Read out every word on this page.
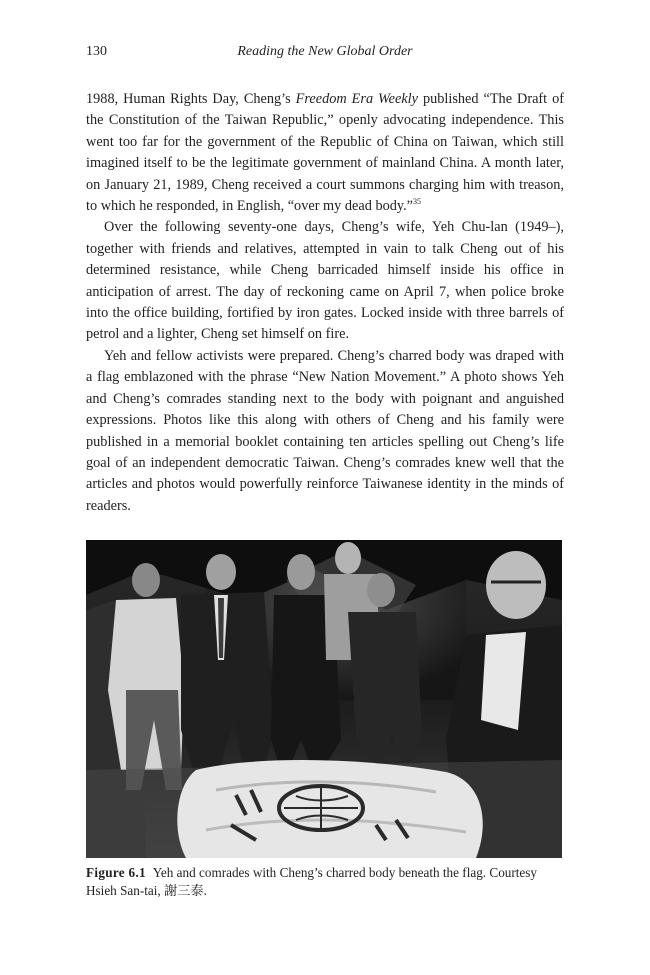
130	Reading the New Global Order

1988, Human Rights Day, Cheng’s Freedom Era Weekly published “The Draft of the Constitution of the Taiwan Republic,” openly advocating independence. This went too far for the government of the Republic of China on Taiwan, which still imagined itself to be the legitimate government of mainland China. A month later, on January 21, 1989, Cheng received a court summons charging him with treason, to which he responded, in English, “over my dead body.”$^{35}$

Over the following seventy-one days, Cheng’s wife, Yeh Chu-lan (1949–), together with friends and relatives, attempted in vain to talk Cheng out of his determined resistance, while Cheng barricaded himself inside his office in anticipation of arrest. The day of reckoning came on April 7, when police broke into the office building, fortified by iron gates. Locked inside with three barrels of petrol and a lighter, Cheng set himself on fire.

Yeh and fellow activists were prepared. Cheng’s charred body was draped with a flag emblazoned with the phrase “New Nation Movement.” A photo shows Yeh and Cheng’s comrades standing next to the body with poignant and anguished expressions. Photos like this along with others of Cheng and his family were published in a memorial booklet containing ten articles spelling out Cheng’s life goal of an independent democratic Taiwan. Cheng’s comrades knew well that the articles and photos would powerfully reinforce Taiwanese identity in the minds of readers.

Figure 6.1 Yeh and comrades with Cheng’s charred body beneath the flag. Courtesy Hsieh San-tai, 謝三泰.
